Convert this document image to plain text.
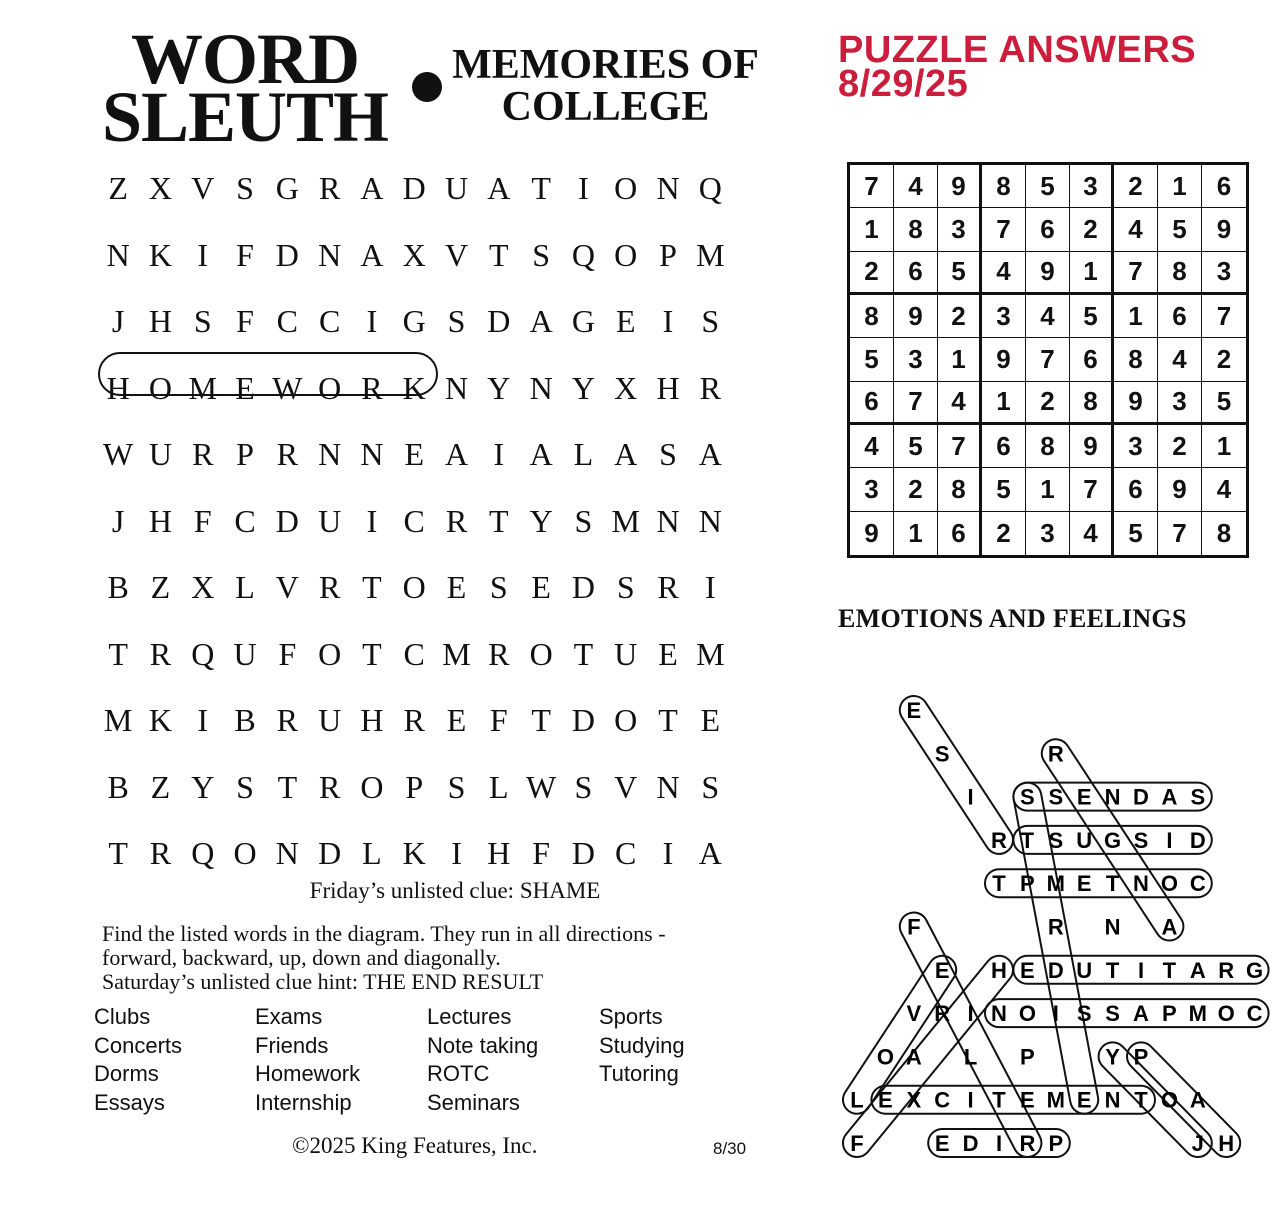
WORD
SLEUTH
MEMORIES OF
COLLEGE
Z X V S G R A D U A T I O N Q
N K I F D N A X V T S Q O P M
J H S F C C I G S D A G E I S
H O M E W O R K N Y N Y X H R
W U R P R N N E A I A L A S A
J H F C D U I C R T Y S M N N
B Z X L V R T O E S E D S R I
T R Q U F O T C M R O T U E M
M K I B R U H R E F T D O T E
B Z Y S T R O P S L W S V N S
T R Q O N D L K I H F D C I A
Friday’s unlisted clue: SHAME
Find the listed words in the diagram. They run in all directions -
forward, backward, up, down and diagonally.
Saturday’s unlisted clue hint: THE END RESULT
Clubs
Concerts
Dorms
Essays
Exams
Friends
Homework
Internship
Lectures
Note taking
ROTC
Seminars
Sports
Studying
Tutoring
©2025 King Features, Inc.	8/30
PUZZLE ANSWERS
8/29/25
7	4	9	8	5	3	2	1	6
1	8	3	7	6	2	4	5	9
2	6	5	4	9	1	7	8	3
8	9	2	3	4	5	1	6	7
5	3	1	9	7	6	8	4	2
6	7	4	1	2	8	9	3	5
4	5	7	6	8	9	3	2	1
3	2	8	5	1	7	6	9	4
9	1	6	2	3	4	5	7	8
EMOTIONS AND FEELINGS
E
S	R
I S S E N D A S
R T S U G S I D
T P M E T N O C
F	R N A
E H E D U T I T A R G
V R I N O I S S A P M O C
O A L P	Y P
L E X C I T E M E N T O A
F	E D I R P	J H
